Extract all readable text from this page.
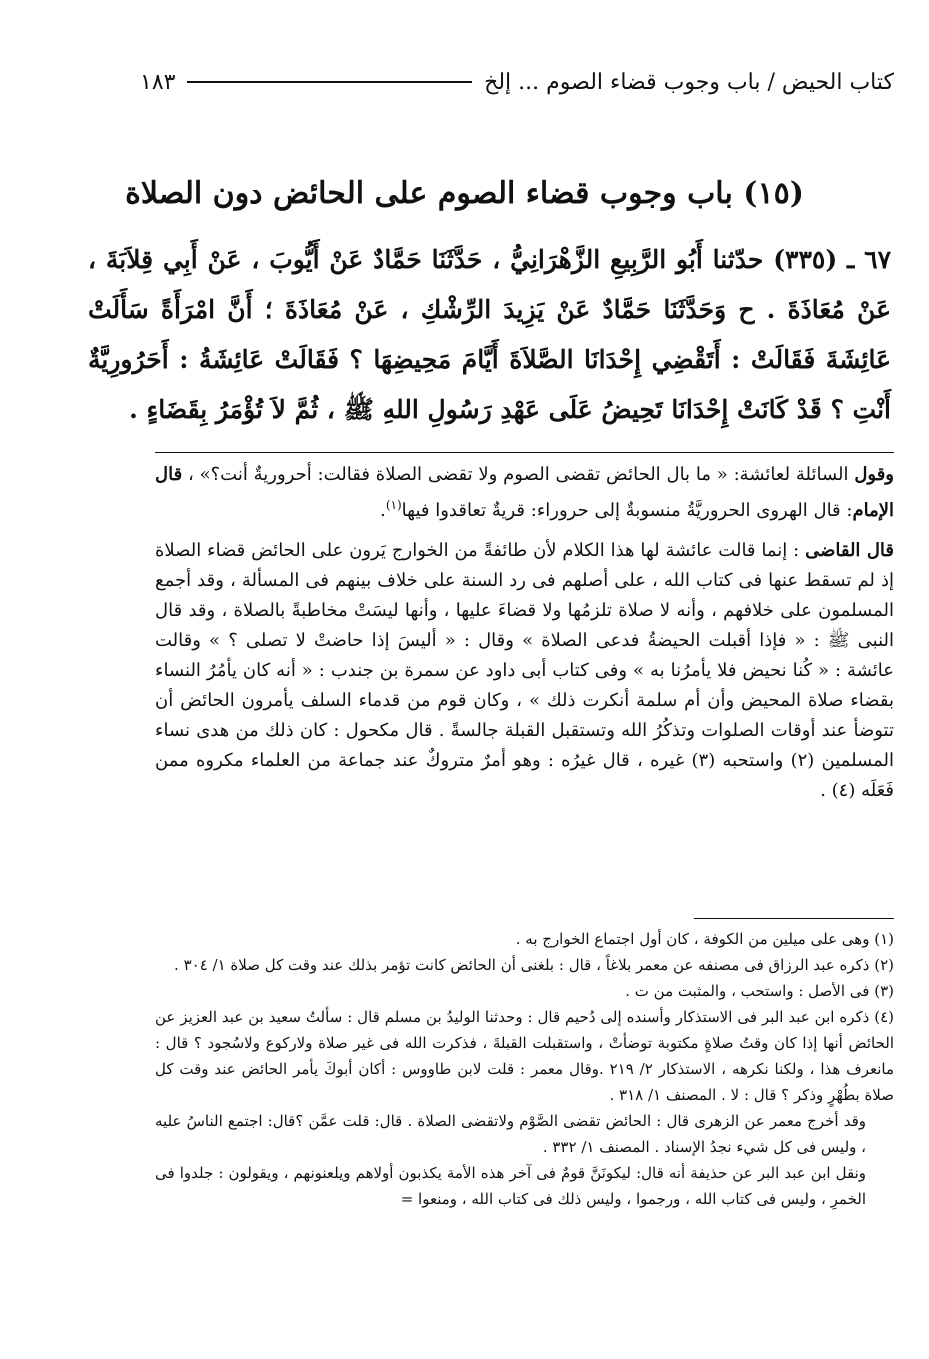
كتاب الحيض / باب وجوب قضاء الصوم ... إلخ
١٨٣
(١٥) باب وجوب قضاء الصوم على الحائض دون الصلاة

٦٧ ـ (٣٣٥) حدّثنا أَبُو الرَّبِيعِ الزَّهْرَانِيُّ ، حَدَّثَنَا حَمَّادٌ عَنْ أَيُّوبَ ، عَنْ أَبِي قِلاَبَةَ ، عَنْ مُعَاذَةَ . ح وَحَدَّثَنَا حَمَّادٌ عَنْ يَزِيدَ الرِّشْكِ ، عَنْ مُعَاذَةَ ؛ أَنَّ امْرَأَةً سَأَلَتْ عَائِشَةَ فَقَالَتْ : أَتَقْضِي إِحْدَانَا الصَّلاَةَ أَيَّامَ مَحِيضِهَا ؟ فَقَالَتْ عَائِشَةُ : أَحَرُورِيَّةٌ أَنْتِ ؟ قَدْ كَانَتْ إِحْدَانَا تَحِيضُ عَلَى عَهْدِ رَسُولِ اللهِ ﷺ ، ثُمَّ لاَ تُؤْمَرُ بِقَضَاءٍ .

وقول السائلة لعائشة: « ما بال الحائض تقضى الصوم ولا تقضى الصلاة فقالت: أحروريةٌ أنت؟» ، قال الإمام: قال الهروى الحروريَّةُ منسوبةٌ إلى حروراء: قريةٌ تعاقدوا فيها$^{(١)}$.

قال القاضى : إنما قالت عائشة لها هذا الكلام لأن طائفةً من الخوارج يَرون على الحائض قضاء الصلاة إذ لم تسقط عنها فى كتاب الله ، على أصلهم فى رد السنة على خلاف بينهم فى المسألة ، وقد أجمع المسلمون على خلافهم ، وأنه لا صلاة تلزمُها ولا قضاءَ عليها ، وأنها ليسَتْ مخاطبةً بالصلاة ، وقد قال النبى ﷺ : « فإذا أقبلت الحيضةُ فدعى الصلاة » وقال : « أليسَ إذا حاضتْ لا تصلى ؟ » وقالت عائشة : « كُنا نحيض فلا يأمرُنا به » وفى كتاب أبى داود عن سمرة بن جندب : « أنه كان يأمُرُ النساء بقضاء صلاة المحيض وأن أم سلمة أنكرت ذلك » ، وكان قوم من قدماء السلف يأمرون الحائض أن تتوضأ عند أوقات الصلوات وتذكُرُ الله وتستقبل القبلة جالسةً . قال مكحول : كان ذلك من هدى نساء المسلمين (٢) واستحبه (٣) غيره ، قال غيرُه : وهو أمرٌ متروكٌ عند جماعة من العلماء مكروه ممن فَعَلَه (٤) .

(١) وهى على ميلين من الكوفة ، كان أول اجتماع الخوارج به .

(٢) ذكره عبد الرزاق فى مصنفه عن معمر بلاغاً ، قال : بلغنى أن الحائض كانت تؤمر بذلك عند وقت كل صلاة ١/ ٣٠٤ .

(٣) فى الأصل : واستحب ، والمثبت من ت .

(٤) ذكره ابن عبد البر فى الاستذكار وأسنده إلى دُحيم قال : وحدثنا الوليدُ بن مسلم قال : سألتُ سعيد بن عبد العزيز عن الحائض أنها إذا كان وقتُ صلاةٍ مكتوبة توضأتْ ، واستقبلت القبلةَ ، فذكرت الله فى غير صلاة ولاركوع ولاسُجود ؟ قال : مانعرف هذا ، ولكنا نكرهه ، الاستذكار ٢/ ٢١٩ .وقال معمر : قلت لابن طاووس : أكان أبوكَ يأمر الحائض عند وقت كل صلاة بطُهْرٍ وذكر ؟ قال : لا . المصنف ١/ ٣١٨ .

وقد أخرج معمر عن الزهرى قال : الحائض تقضى الصَّوْم ولاتقضى الصلاة . قال: قلت عمَّن ؟قال: اجتمع الناسُ عليه ، وليس فى كل شيء نجدُ الإسناد . المصنف ١/ ٣٣٢ .

ونقل ابن عبد البر عن حذيفة أنه قال: ليكونَنَّ قومٌ فى آخر هذه الأمة يكذبون أولاهم ويلعنونهم ، ويقولون : جلدوا فى الخمرِ ، وليس فى كتاب الله ، ورجموا ، وليس ذلك فى كتاب الله ، ومنعوا =
